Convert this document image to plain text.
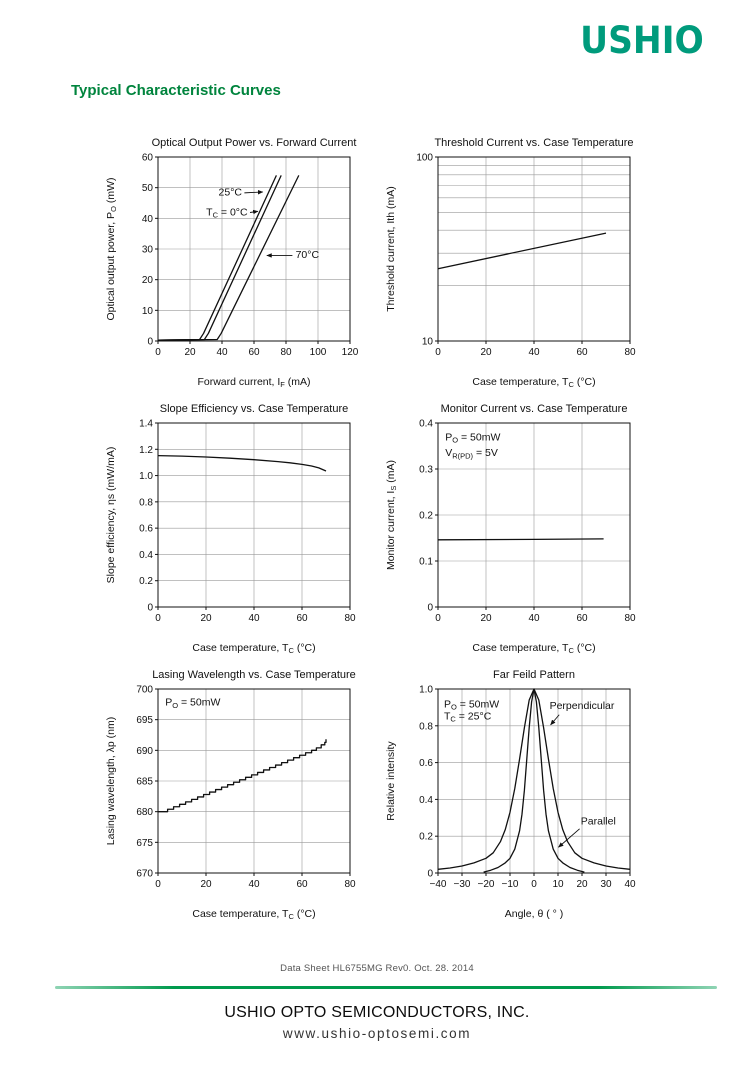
USHIO
Typical Characteristic Curves
Optical Output Power vs. Forward Current
0 20 40 60 80 100 120
0
10
20
30
40
50
60
Forward current, $I_F$ (mA)
Optical output power, $P_O$ (mW)	25°C
$T_C = 0^\circ C$
70°C
Threshold Current vs. Case Temperature
0	20	40	60	80
10
100
Case temperature, $T_C$ (°C)
Threshold current, Ith (mA)
Slope Efficiency vs. Case Temperature
0	20	40	60	80
0
0.2
0.4
0.6
0.8
1.0
1.2
1.4
Case temperature, $T_C$ (°C)
Slope efficiency, ηs (mW/mA)
Monitor Current vs. Case Temperature
0	20	40	60	80
0
0.1
0.2
0.3
0.4
Case temperature, $T_C$ (°C)
Monitor current, $I_S$ (mA)
$P_O = 50mW$
$V_{R(PD)} = 5V$
Lasing Wavelength vs. Case Temperature
0	20	40	60	80
670
675
680
685
690
695
700
Case temperature, $T_C$ (°C)
Lasing wavelength, λp (nm)
$P_O = 50mW$
Far Feild Pattern
−40 −30 −20 −10 0 10 20 30 40
0
0.2
0.4
0.6
0.8
1.0
Angle, θ ( ° )
Relative intensity
$P_O = 50mW$
$T_C = 25^\circ C$
Perpendicular
Parallel
Data Sheet HL6755MG Rev0. Oct. 28. 2014
USHIO OPTO SEMICONDUCTORS, INC.
www.ushio-optosemi.com
